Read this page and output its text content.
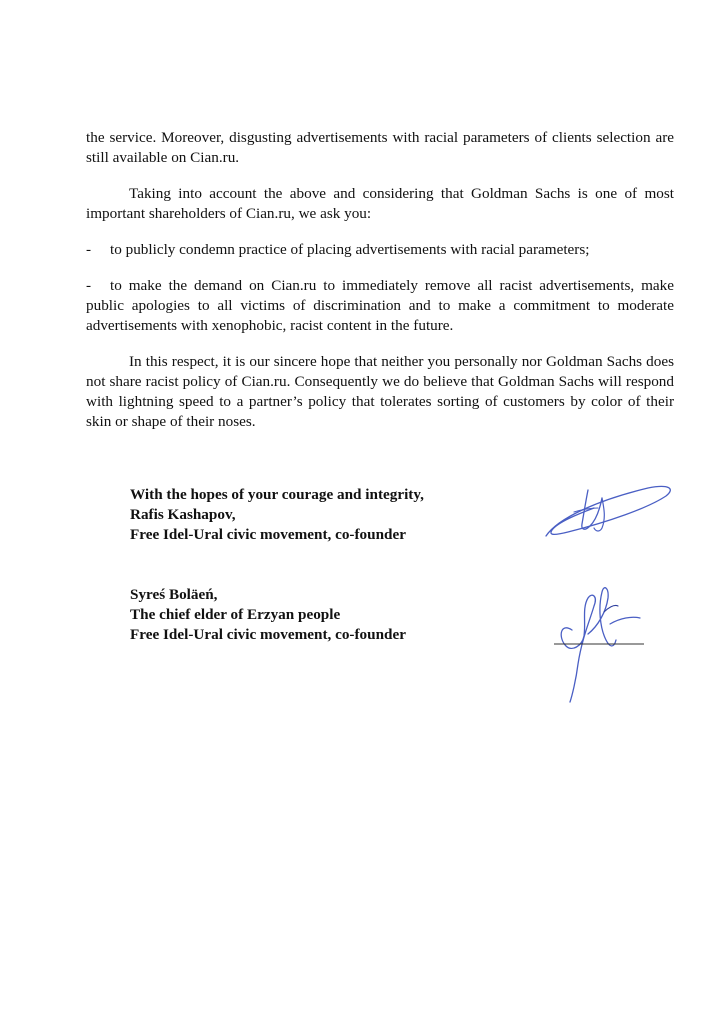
the service. Moreover, disgusting advertisements with racial parameters of clients selection are still available on Cian.ru.

Taking into account the above and considering that Goldman Sachs is one of most important shareholders of Cian.ru, we ask you:

- to publicly condemn practice of placing advertisements with racial parameters;

- to make the demand on Cian.ru to immediately remove all racist advertisements, make public apologies to all victims of discrimination and to make a commitment to moderate advertisements with xenophobic, racist content in the future.

In this respect, it is our sincere hope that neither you personally nor Goldman Sachs does not share racist policy of Cian.ru. Consequently we do believe that Goldman Sachs will respond with lightning speed to a partner’s policy that tolerates sorting of customers by color of their skin or shape of their noses.

With the hopes of your courage and integrity,
Rafis Kashapov,
Free Idel-Ural civic movement, co-founder
Syreś Boläeń,
The chief elder of Erzyan people
Free Idel-Ural civic movement, co-founder
